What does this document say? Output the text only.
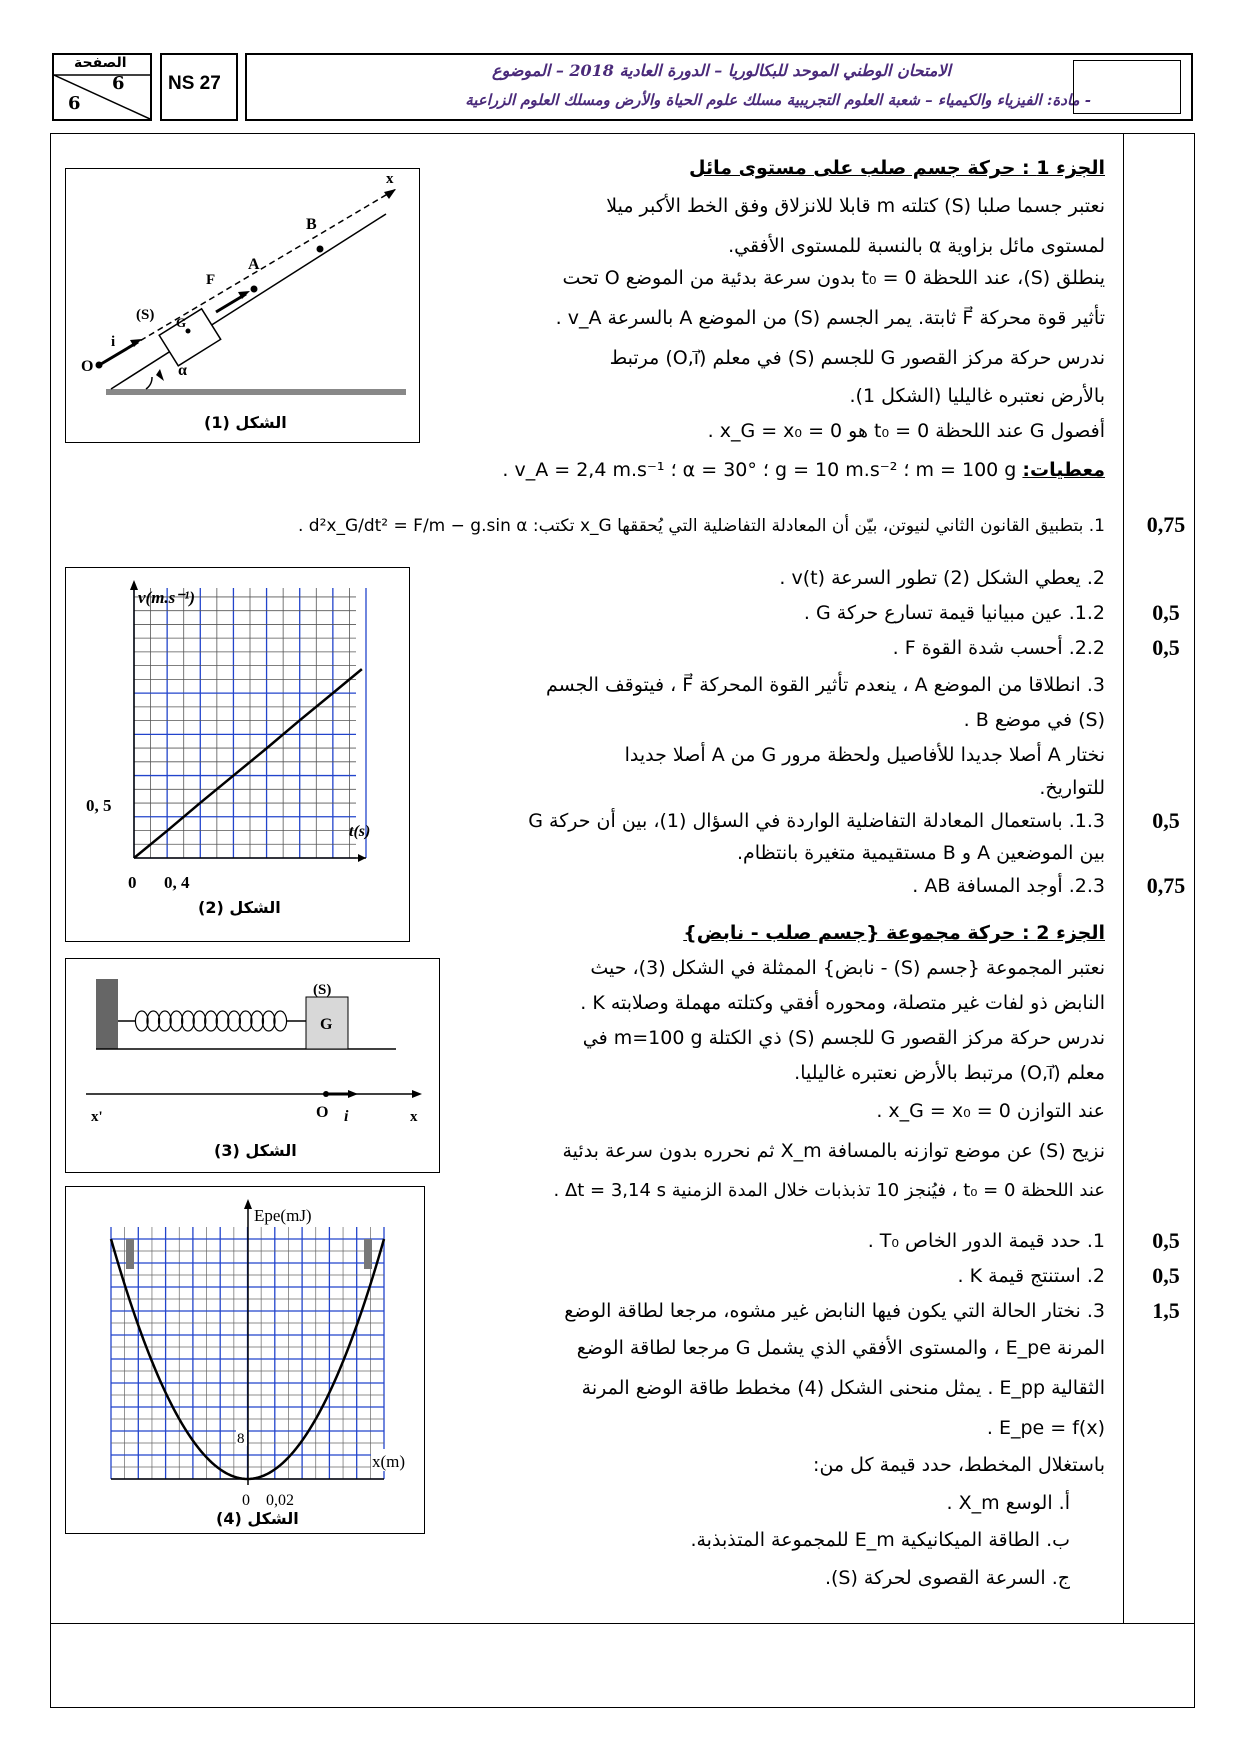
الصفحة
6
6
NS 27
الامتحان الوطني الموحد للبكالوريا – الدورة العادية 2018 – الموضوع
- مادة: الفيزياء والكيمياء – شعبة العلوم التجريبية مسلك علوم الحياة والأرض ومسلك العلوم الزراعية
الجزء 1 : حركة جسم صلب على مستوى مائل
نعتبر جسما صلبا (S) كتلته m قابلا للانزلاق وفق الخط الأكبر ميلا
لمستوى مائل بزاوية α بالنسبة للمستوى الأفقي.
ينطلق (S)، عند اللحظة t₀ = 0 بدون سرعة بدئية من الموضع O تحت
تأثير قوة محركة F⃗ ثابتة. يمر الجسم (S) من الموضع A بالسرعة v_A .
ندرس حركة مركز القصور G للجسم (S) في معلم (O,i⃗) مرتبط
بالأرض نعتبره غاليليا (الشكل 1).
أفصول G عند اللحظة t₀ = 0 هو x_G = x₀ = 0 .
معطيات: m = 100 g ؛ g = 10 m.s⁻² ؛ α = 30° ؛ v_A = 2,4 m.s⁻¹ .
1. بتطبيق القانون الثاني لنيوتن، بيّن أن المعادلة التفاضلية التي يُحققها x_G تكتب: d²x_G/dt² = F/m − g.sin α .	0,75
2. يعطي الشكل (2) تطور السرعة v(t) .
1.2. عين مبيانيا قيمة تسارع حركة G .	0,5
2.2. أحسب شدة القوة F .	0,5
3. انطلاقا من الموضع A ، ينعدم تأثير القوة المحركة F⃗ ، فيتوقف الجسم
(S) في موضع B .
نختار A أصلا جديدا للأفاصيل ولحظة مرور G من A أصلا جديدا
للتواريخ.
1.3. باستعمال المعادلة التفاضلية الواردة في السؤال (1)، بين أن حركة G	0,5
بين الموضعين A و B مستقيمية متغيرة بانتظام.
2.3. أوجد المسافة AB .	0,75
الجزء 2 : حركة مجموعة {جسم صلب - نابض}
نعتبر المجموعة {جسم (S) - نابض} الممثلة في الشكل (3)، حيث
النابض ذو لفات غير متصلة، ومحوره أفقي وكتلته مهملة وصلابته K .
ندرس حركة مركز القصور G للجسم (S) ذي الكتلة m=100 g في
معلم (O,i⃗) مرتبط بالأرض نعتبره غاليليا.
عند التوازن x_G = x₀ = 0 .
نزيح (S) عن موضع توازنه بالمسافة X_m ثم نحرره بدون سرعة بدئية
عند اللحظة t₀ = 0 ، فيُنجز 10 تذبذبات خلال المدة الزمنية Δt = 3,14 s .
1. حدد قيمة الدور الخاص T₀ .	0,5
2. استنتج قيمة K .	0,5
3. نختار الحالة التي يكون فيها النابض غير مشوه، مرجعا لطاقة الوضع	1,5
المرنة E_pe ، والمستوى الأفقي الذي يشمل G مرجعا لطاقة الوضع
الثقالية E_pp . يمثل منحنى الشكل (4) مخطط طاقة الوضع المرنة
E_pe = f(x) .
باستغلال المخطط، حدد قيمة كل من:
أ. الوسع X_m .
ب. الطاقة الميكانيكية E_m للمجموعة المتذبذبة.
ج. السرعة القصوى لحركة (S).
(S) G
O
i⃗
F⃗
A
B
x
α
الشكل (1)
v(m.s⁻¹)
t(s)
0, 5
0 0, 4
الشكل (2)
(S)
G
x'	O i⃗	x
الشكل (3)
Epe(mJ)
x(m)
8
0 0,02
الشكل (4)
